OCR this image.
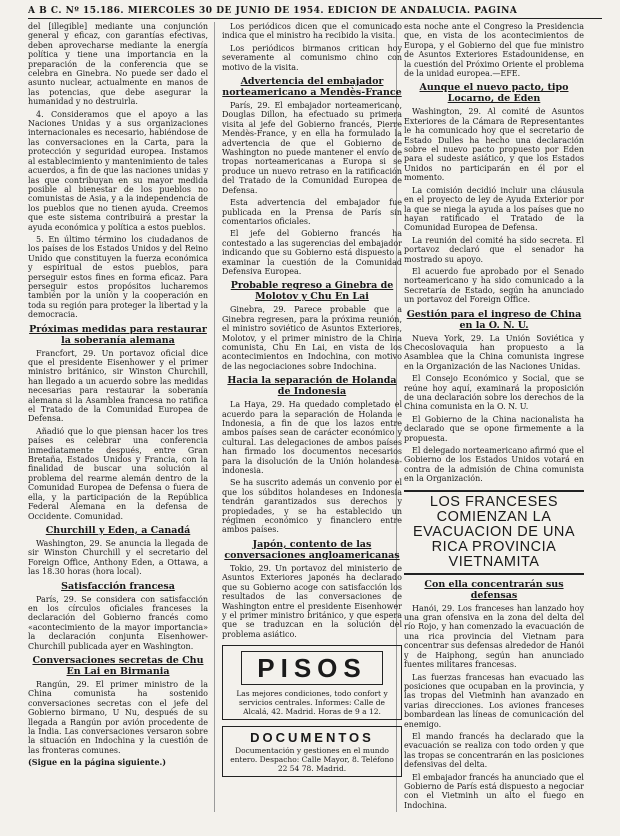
A B C. Nº 15.186. MIERCOLES 30 DE JUNIO DE 1954. EDICION DE ANDALUCIA. PAGINA

del [illegible] mediante una conjunción general y eficaz, con garantías efectivas, deben aprovecharse mediante la energía política y tiene una importancia en la preparación de la conferencia que se celebra en Ginebra. No puede ser dado el asunto nuclear, actualmente en manos de las potencias, que debe asegurar la humanidad y no destruirla.

4. Consideramos que el apoyo a las Naciones Unidas y a sus organizaciones internacionales es necesario, habiéndose de las conversaciones en la Carta, para la protección y seguridad europea. Instamos al establecimiento y mantenimiento de tales acuerdos, a fin de que las naciones unidas y las que contribuyan en su mayor medida posible al bienestar de los pueblos no comunistas de Asia, y a la independencia de los pueblos que no tienen ayuda. Creemos que este sistema contribuirá a prestar la ayuda económica y política a estos pueblos.

5. En último término los ciudadanos de los países de los Estados Unidos y del Reino Unido que constituyen la fuerza económica y espiritual de estos pueblos, para perseguir estos fines en forma eficaz. Para perseguir estos propósitos lucharemos también por la unión y la cooperación en toda su región para proteger la libertad y la democracia.

Próximas medidas para restaurar la soberanía alemana

Francfort, 29. Un portavoz oficial dice que el presidente Eisenhower y el primer ministro británico, sir Winston Churchill, han llegado a un acuerdo sobre las medidas necesarias para restaurar la soberanía alemana si la Asamblea francesa no ratifica el Tratado de la Comunidad Europea de Defensa.

Añadió que lo que piensan hacer los tres países es celebrar una conferencia inmediatamente después, entre Gran Bretaña, Estados Unidos y Francia, con la finalidad de buscar una solución al problema del rearme alemán dentro de la Comunidad Europea de Defensa o fuera de ella, y la participación de la República Federal Alemana en la defensa de Occidente. Comunidad.

Churchill y Eden, a Canadá

Washington, 29. Se anuncia la llegada de sir Winston Churchill y el secretario del Foreign Office, Anthony Eden, a Ottawa, a las 18.30 horas (hora local).

Satisfacción francesa

París, 29. Se considera con satisfacción en los círculos oficiales franceses la declaración del Gobierno francés como «acontecimiento de la mayor importancia» la declaración conjunta Eisenhower-Churchill publicada ayer en Washington.

Conversaciones secretas de Chu En Lai en Birmania

Rangún, 29. El primer ministro de la China comunista ha sostenido conversaciones secretas con el jefe del Gobierno birmano, U Nu, después de su llegada a Rangún por avión procedente de la India. Las conversaciones versaron sobre la situación en Indochina y la cuestión de las fronteras comunes.

(Sigue en la página siguiente.)

Los periódicos dicen que el comunicado indica que el ministro ha recibido la visita.

Los periódicos birmanos critican hoy severamente al comunismo chino con motivo de la visita.

Advertencia del embajador norteamericano a Mendès-France

París, 29. El embajador norteamericano, Douglas Dillon, ha efectuado su primera visita al jefe del Gobierno francés, Pierre Mendès-France, y en ella ha formulado la advertencia de que el Gobierno de Washington no puede mantener el envío de tropas norteamericanas a Europa si se produce un nuevo retraso en la ratificación del Tratado de la Comunidad Europea de Defensa.

Esta advertencia del embajador fue publicada en la Prensa de París sin comentarios oficiales.

El jefe del Gobierno francés ha contestado a las sugerencias del embajador indicando que su Gobierno está dispuesto a examinar la cuestión de la Comunidad Defensiva Europea.

Probable regreso a Ginebra de Molotov y Chu En Lai

Ginebra, 29. Parece probable que a Ginebra regresen, para la próxima reunión, el ministro soviético de Asuntos Exteriores, Molotov, y el primer ministro de la China comunista, Chu En Lai, en vista de los acontecimientos en Indochina, con motivo de las negociaciones sobre Indochina.

Hacia la separación de Holanda de Indonesia

La Haya, 29. Ha quedado completado el acuerdo para la separación de Holanda e Indonesia, a fin de que los lazos entre ambos países sean de carácter económico y cultural. Las delegaciones de ambos países han firmado los documentos necesarios para la disolución de la Unión holandesa-indonesia.

Se ha suscrito además un convenio por el que los súbditos holandeses en Indonesia tendrán garantizados sus derechos y propiedades, y se ha establecido un régimen económico y financiero entre ambos países.

Japón, contento de las conversaciones angloamericanas

Tokio, 29. Un portavoz del ministerio de Asuntos Exteriores japonés ha declarado que su Gobierno acoge con satisfacción los resultados de las conversaciones de Washington entre el presidente Eisenhower y el primer ministro británico, y que espera que se traduzcan en la solución del problema asiático.

PISOS
Las mejores condiciones, todo confort y servicios centrales. Informes: Calle de Alcalá, 42. Madrid. Horas de 9 a 12.
DOCUMENTOS
Documentación y gestiones en el mundo entero. Despacho: Calle Mayor, 8. Teléfono 22 54 78. Madrid.

esta noche ante el Congreso la Presidencia que, en vista de los acontecimientos de Europa, y el Gobierno del que fue ministro de Asuntos Exteriores Estadounidense, en la cuestión del Próximo Oriente el problema de la unidad europea.—EFE.

Aunque el nuevo pacto, tipo Locarno, de Eden

Washington, 29. Al comité de Asuntos Exteriores de la Cámara de Representantes le ha comunicado hoy que el secretario de Estado Dulles ha hecho una declaración sobre el nuevo pacto propuesto por Eden para el sudeste asiático, y que los Estados Unidos no participarán en él por el momento.

La comisión decidió incluir una cláusula en el proyecto de ley de Ayuda Exterior por la que se niega la ayuda a los países que no hayan ratificado el Tratado de la Comunidad Europea de Defensa.

La reunión del comité ha sido secreta. El portavoz declaró que el senador ha mostrado su apoyo.

El acuerdo fue aprobado por el Senado norteamericano y ha sido comunicado a la Secretaría de Estado, según ha anunciado un portavoz del Foreign Office.

Gestión para el ingreso de China en la O. N. U.

Nueva York, 29. La Unión Soviética y Checoslovaquia han propuesto a la Asamblea que la China comunista ingrese en la Organización de las Naciones Unidas.

El Consejo Económico y Social, que se reúne hoy aquí, examinará la proposición de una declaración sobre los derechos de la China comunista en la O. N. U.

El Gobierno de la China nacionalista ha declarado que se opone firmemente a la propuesta.

El delegado norteamericano afirmó que el Gobierno de los Estados Unidos votará en contra de la admisión de China comunista en la Organización.

LOS FRANCESES COMIENZAN LA EVACUACION DE UNA RICA PROVINCIA VIETNAMITA
Con ella concentrarán sus defensas

Hanói, 29. Los franceses han lanzado hoy una gran ofensiva en la zona del delta del río Rojo, y han comenzado la evacuación de una rica provincia del Vietnam para concentrar sus defensas alrededor de Hanói y de Haiphong, según han anunciado fuentes militares francesas.

Las fuerzas francesas han evacuado las posiciones que ocupaban en la provincia, y las tropas del Vietminh han avanzado en varias direcciones. Los aviones franceses bombardean las líneas de comunicación del enemigo.

El mando francés ha declarado que la evacuación se realiza con todo orden y que las tropas se concentrarán en las posiciones defensivas del delta.

El embajador francés ha anunciado que el Gobierno de París está dispuesto a negociar con el Vietminh un alto el fuego en Indochina.
